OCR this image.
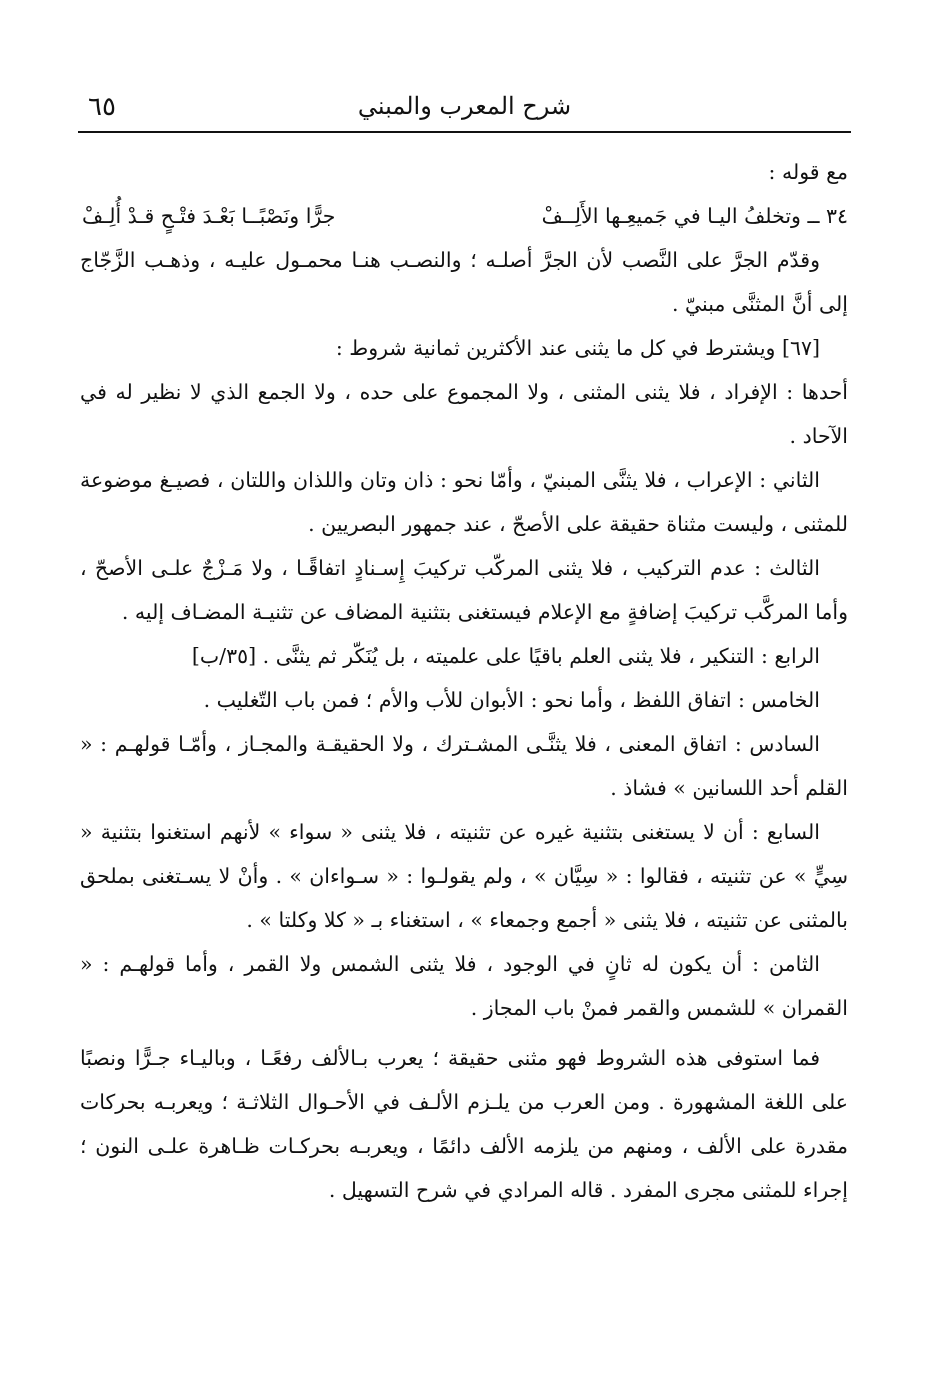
٦٥	شرح المعرب والمبني

مع قوله :

٣٤ ــ وتخلفُ اليـا في جَميعِـها الأَلِــفْ
جرًّا ونَصْبًــا بَعْـدَ فتْـحٍ قـدْ أُلِـفْ

وقدّم الجرَّ على النَّصب لأن الجرَّ أصلـه ؛ والنصـب هنـا محمـول عليـه ، وذهـب الزَّجّاج إلى أنَّ المثنَّى مبنيّ .

[٦٧] ويشترط في كل ما يثنى عند الأكثرين ثمانية شروط :

أحدها : الإفراد ، فلا يثنى المثنى ، ولا المجموع على حده ، ولا الجمع الذي لا نظير له في الآحاد .

الثاني : الإعراب ، فلا يثنَّى المبنيّ ، وأمّا نحو : ذان وتان واللذان واللتان ، فصيـغ موضوعة للمثنى ، وليست مثناة حقيقة على الأصحّ ، عند جمهور البصريين .

الثالث : عدم التركيب ، فلا يثنى المركّب تركيبَ إِسـنادٍ اتفاقًـا ، ولا مَـزْجٌ علـى الأصحّ ، وأما المركَّب تركيبَ إضافةٍ مع الإعلام فيستغنى بتثنية المضاف عن تثنيـة المضـاف إليه .

الرابع : التنكير ، فلا يثنى العلم باقيًا على علميته ، بل يُنَكّر ثم يثنَّى . [٣٥/ب]

الخامس : اتفاق اللفظ ، وأما نحو : الأبوان للأب والأم ؛ فمن باب التّغليب .

السادس : اتفاق المعنى ، فلا يثنَّـى المشـترك ، ولا الحقيقـة والمجـاز ، وأمّـا قولهـم : « القلم أحد اللسانين » فشاذ .

السابع : أن لا يستغنى بتثنية غيره عن تثنيته ، فلا يثنى « سواء » لأنهم استغنوا بتثنية « سِيٍّ » عن تثنيته ، فقالوا : « سِيَّان » ، ولم يقولـوا : « سـواءان » . وأنْ لا يسـتغنى بملحق بالمثنى عن تثنيته ، فلا يثنى « أجمع وجمعاء » ، استغناء بـ « كلا وكلتا » .

الثامن : أن يكون له ثانٍ في الوجود ، فلا يثنى الشمس ولا القمر ، وأما قولهـم : « القمران » للشمس والقمر فمنْ باب المجاز .

فما استوفى هذه الشروط فهو مثنى حقيقة ؛ يعرب بـالألف رفعًـا ، وباليـاء جـرًّا ونصبًا على اللغة المشهورة . ومن العرب من يلـزم الألـف في الأحـوال الثلاثـة ؛ ويعربـه بحركات مقدرة على الألف ، ومنهم من يلزمه الألف دائمًا ، ويعربـه بحركـات ظـاهرة علـى النون ؛ إجراء للمثنى مجرى المفرد . قاله المرادي في شرح التسهيل .
